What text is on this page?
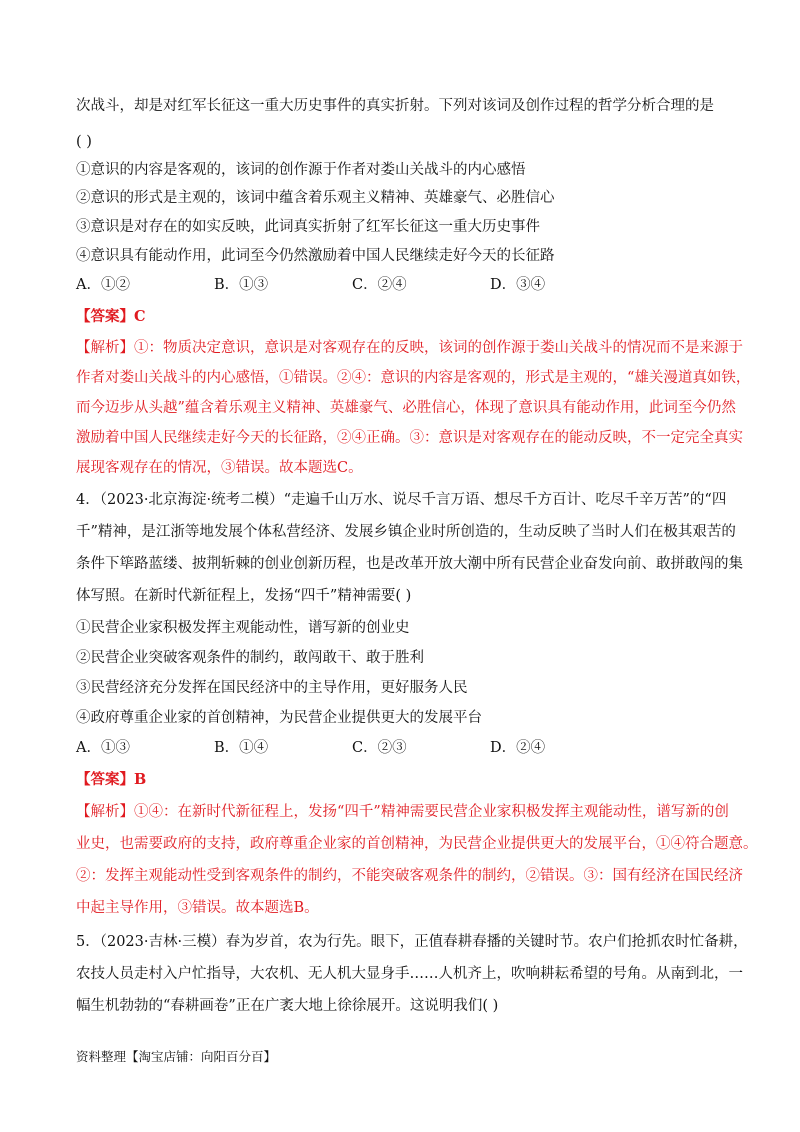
次战斗，却是对红军长征这一重大历史事件的真实折射。下列对该词及创作过程的哲学分析合理的是
( )
①意识的内容是客观的，该词的创作源于作者对娄山关战斗的内心感悟
②意识的形式是主观的，该词中蕴含着乐观主义精神、英雄豪气、必胜信心
③意识是对存在的如实反映，此词真实折射了红军长征这一重大历史事件
④意识具有能动作用，此词至今仍然激励着中国人民继续走好今天的长征路
A．①②	B．①③	C．②④	D．③④
【答案】C
【解析】①：物质决定意识，意识是对客观存在的反映，该词的创作源于娄山关战斗的情况而不是来源于
作者对娄山关战斗的内心感悟，①错误。②④：意识的内容是客观的，形式是主观的，“雄关漫道真如铁，
而今迈步从头越”蕴含着乐观主义精神、英雄豪气、必胜信心，体现了意识具有能动作用，此词至今仍然
激励着中国人民继续走好今天的长征路，②④正确。③：意识是对客观存在的能动反映，不一定完全真实
展现客观存在的情况，③错误。故本题选C。
4．（2023·北京海淀·统考二模）“走遍千山万水、说尽千言万语、想尽千方百计、吃尽千辛万苦”的“四
千”精神，是江浙等地发展个体私营经济、发展乡镇企业时所创造的，生动反映了当时人们在极其艰苦的
条件下筚路蓝缕、披荆斩棘的创业创新历程，也是改革开放大潮中所有民营企业奋发向前、敢拼敢闯的集
体写照。在新时代新征程上，发扬“四千”精神需要( )
①民营企业家积极发挥主观能动性，谱写新的创业史
②民营企业突破客观条件的制约，敢闯敢干、敢于胜利
③民营经济充分发挥在国民经济中的主导作用，更好服务人民
④政府尊重企业家的首创精神，为民营企业提供更大的发展平台
A．①③	B．①④	C．②③	D．②④
【答案】B
【解析】①④：在新时代新征程上，发扬“四千”精神需要民营企业家积极发挥主观能动性，谱写新的创
业史，也需要政府的支持，政府尊重企业家的首创精神，为民营企业提供更大的发展平台，①④符合题意。
②：发挥主观能动性受到客观条件的制约，不能突破客观条件的制约，②错误。③：国有经济在国民经济
中起主导作用，③错误。故本题选B。
5．（2023·吉林·三模）春为岁首，农为行先。眼下，正值春耕春播的关键时节。农户们抢抓农时忙备耕，
农技人员走村入户忙指导，大农机、无人机大显身手……人机齐上，吹响耕耘希望的号角。从南到北，一
幅生机勃勃的“春耕画卷”正在广袤大地上徐徐展开。这说明我们( )
资料整理【淘宝店铺：向阳百分百】
